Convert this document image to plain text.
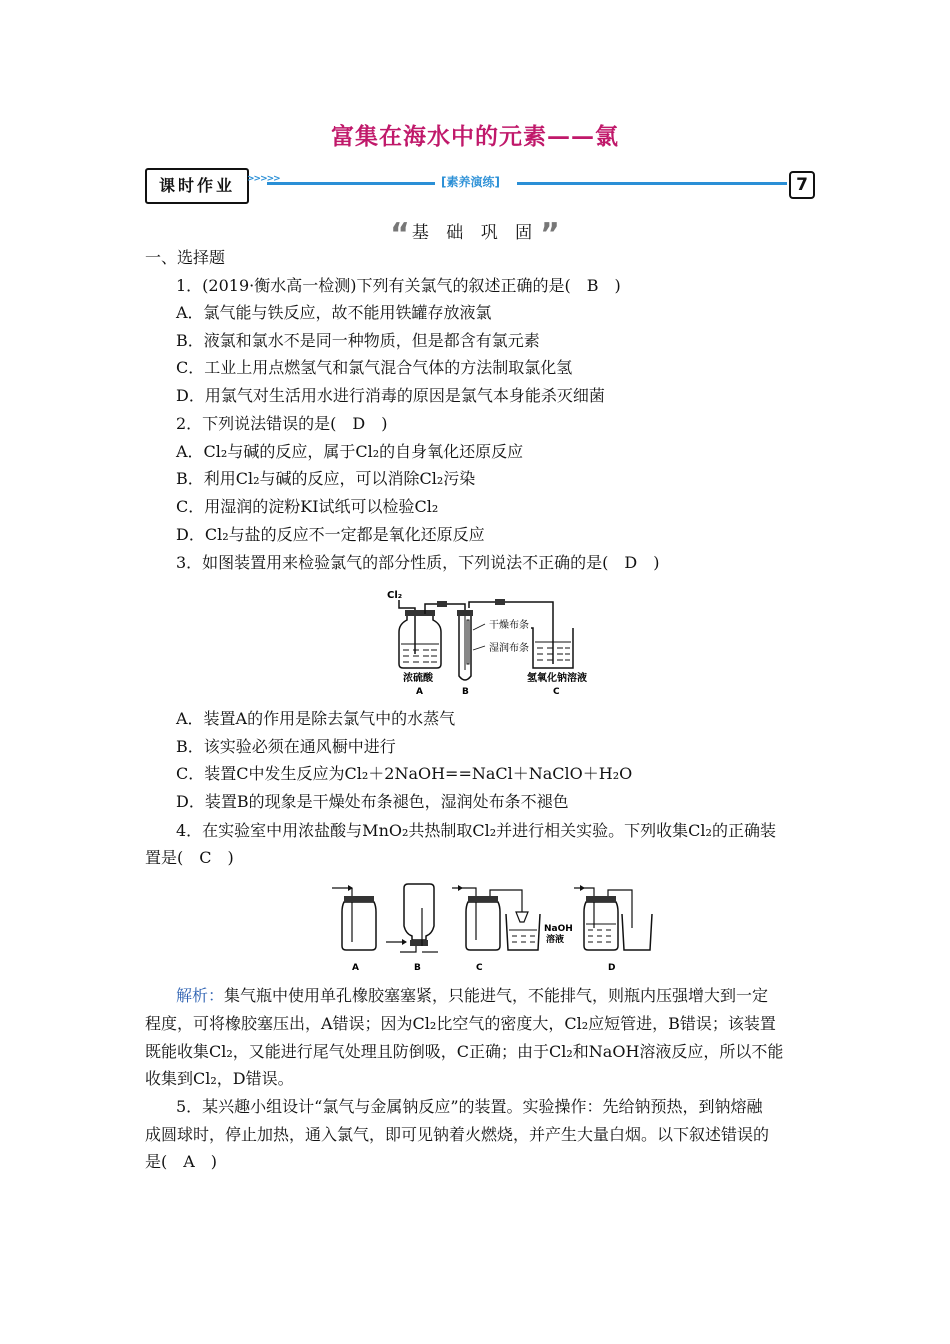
富集在海水中的元素——氯
课时作业	>>>>>	[素养演练]	7
“ 基 础 巩 固”
一、选择题
1．(2019·衡水高一检测)下列有关氯气的叙述正确的是(　B　)
A．氯气能与铁反应，故不能用铁罐存放液氯
B．液氯和氯水不是同一种物质，但是都含有氯元素
C．工业上用点燃氢气和氯气混合气体的方法制取氯化氢
D．用氯气对生活用水进行消毒的原因是氯气本身能杀灭细菌
2．下列说法错误的是(　D　)
A．Cl₂与碱的反应，属于Cl₂的自身氧化还原反应
B．利用Cl₂与碱的反应，可以消除Cl₂污染
C．用湿润的淀粉KI试纸可以检验Cl₂
D．Cl₂与盐的反应不一定都是氧化还原反应
3．如图装置用来检验氯气的部分性质，下列说法不正确的是(　D　)
Cl₂
干燥布条
湿润布条
浓硫酸	氢氧化钠溶液
A	B	C
A．装置A的作用是除去氯气中的水蒸气
B．该实验必须在通风橱中进行
C．装置C中发生反应为Cl₂＋2NaOH==NaCl＋NaClO＋H₂O
D．装置B的现象是干燥处布条褪色，湿润处布条不褪色
4．在实验室中用浓盐酸与MnO₂共热制取Cl₂并进行相关实验。下列收集Cl₂的正确装
置是(　C　)
A	B	C
NaOH
溶液
D
解析：集气瓶中使用单孔橡胶塞塞紧，只能进气，不能排气，则瓶内压强增大到一定
程度，可将橡胶塞压出，A错误；因为Cl₂比空气的密度大，Cl₂应短管进，B错误；该装置
既能收集Cl₂，又能进行尾气处理且防倒吸，C正确；由于Cl₂和NaOH溶液反应，所以不能
收集到Cl₂，D错误。
5．某兴趣小组设计“氯气与金属钠反应”的装置。实验操作：先给钠预热，到钠熔融
成圆球时，停止加热，通入氯气，即可见钠着火燃烧，并产生大量白烟。以下叙述错误的
是(　A　)
